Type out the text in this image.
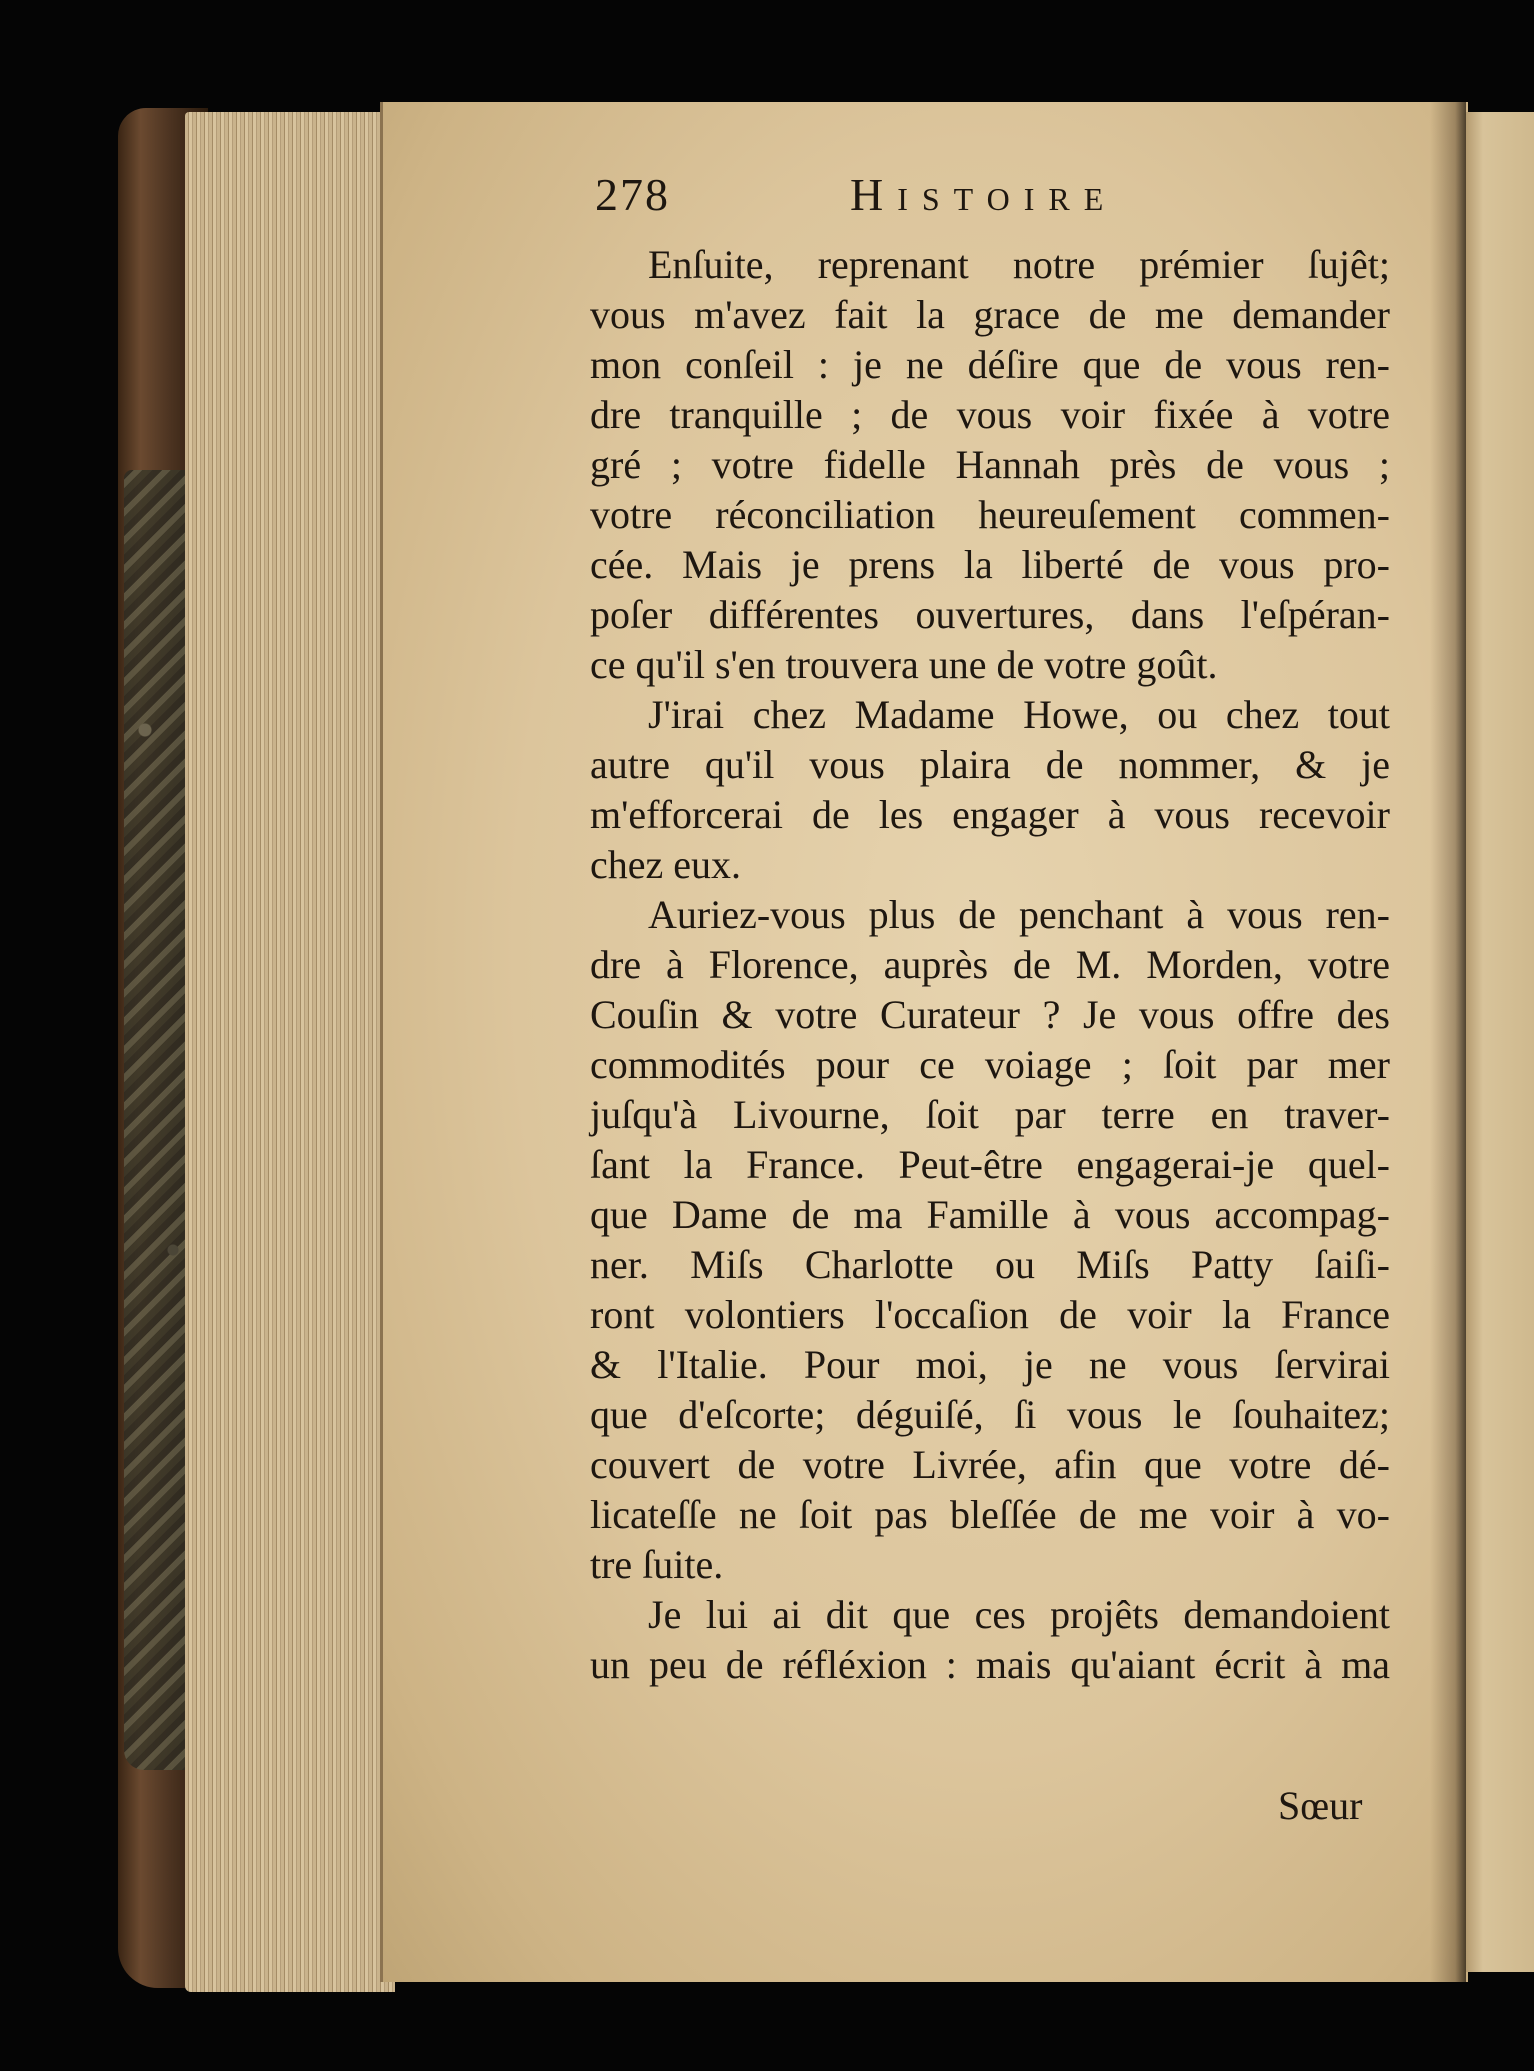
278	Histoire
Enſuite, reprenant notre prémier ſujêt;
vous m'avez fait la grace de me demander
mon conſeil : je ne déſire que de vous ren-
dre tranquille ; de vous voir fixée à votre
gré ; votre fidelle Hannah près de vous ;
votre réconciliation heureuſement commen-
cée. Mais je prens la liberté de vous pro-
poſer différentes ouvertures, dans l'eſpéran-
ce qu'il s'en trouvera une de votre goût.
J'irai chez Madame Howe, ou chez tout
autre qu'il vous plaira de nommer, & je
m'efforcerai de les engager à vous recevoir
chez eux.
Auriez-vous plus de penchant à vous ren-
dre à Florence, auprès de M. Morden, votre
Couſin & votre Curateur ? Je vous offre des
commodités pour ce voiage ; ſoit par mer
juſqu'à Livourne, ſoit par terre en traver-
ſant la France. Peut-être engagerai-je quel-
que Dame de ma Famille à vous accompag-
ner. Miſs Charlotte ou Miſs Patty ſaiſi-
ront volontiers l'occaſion de voir la France
& l'Italie. Pour moi, je ne vous ſervirai
que d'eſcorte; déguiſé, ſi vous le ſouhaitez;
couvert de votre Livrée, afin que votre dé-
licateſſe ne ſoit pas bleſſée de me voir à vo-
tre ſuite.
Je lui ai dit que ces projêts demandoient
un peu de réfléxion : mais qu'aiant écrit à ma
Sœur
